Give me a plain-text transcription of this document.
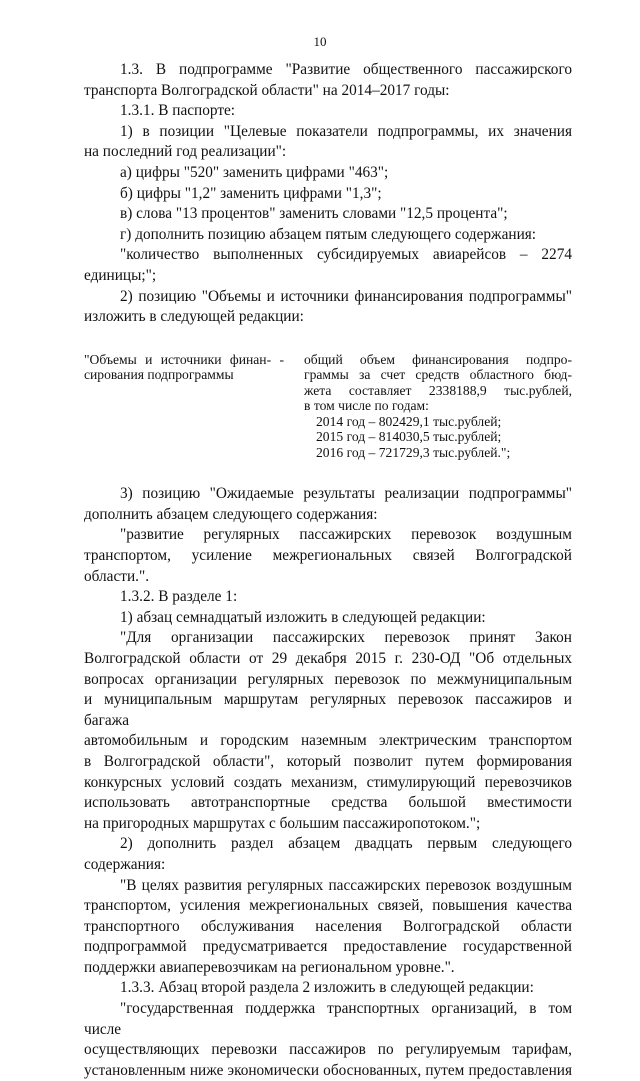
10

1.3. В подпрограмме "Развитие общественного пассажирского

транспорта Волгоградской области" на 2014–2017 годы:

1.3.1. В паспорте:

1) в позиции "Целевые показатели подпрограммы, их значения

на последний год реализации":

а) цифры "520" заменить цифрами "463";

б) цифры "1,2" заменить цифрами "1,3";

в) слова "13 процентов" заменить словами "12,5 процента";

г) дополнить позицию абзацем пятым следующего содержания:

"количество выполненных субсидируемых авиарейсов – 2274 единицы;";

2) позицию "Объемы и источники финансирования подпрограммы"

изложить в следующей редакции:

"Объемы и источники финан- -

сирования подпрограммы

общий объем финансирования подпро-

граммы за счет средств областного бюд-

жета составляет 2338188,9 тыс.рублей,

в том числе по годам:

2014 год – 802429,1 тыс.рублей;

2015 год – 814030,5 тыс.рублей;

2016 год – 721729,3 тыс.рублей.";

3) позицию "Ожидаемые результаты реализации подпрограммы"

дополнить абзацем следующего содержания:

"развитие регулярных пассажирских перевозок воздушным

транспортом, усиление межрегиональных связей Волгоградской области.".

1.3.2. В разделе 1:

1) абзац семнадцатый изложить в следующей редакции:

"Для организации пассажирских перевозок принят Закон

Волгоградской области от 29 декабря 2015 г. 230-ОД "Об отдельных

вопросах организации регулярных перевозок по межмуниципальным

и муниципальным маршрутам регулярных перевозок пассажиров и багажа

автомобильным и городским наземным электрическим транспортом

в Волгоградской области", который позволит путем формирования

конкурсных условий создать механизм, стимулирующий перевозчиков

использовать автотранспортные средства большой вместимости

на пригородных маршрутах с большим пассажиропотоком.";

2) дополнить раздел абзацем двадцать первым следующего содержания:

"В целях развития регулярных пассажирских перевозок воздушным

транспортом, усиления межрегиональных связей, повышения качества

транспортного обслуживания населения Волгоградской области

подпрограммой предусматривается предоставление государственной

поддержки авиаперевозчикам на региональном уровне.".

1.3.3. Абзац второй раздела 2 изложить в следующей редакции:

"государственная поддержка транспортных организаций, в том числе

осуществляющих перевозки пассажиров по регулируемым тарифам,

установленным ниже экономически обоснованных, путем предоставления
